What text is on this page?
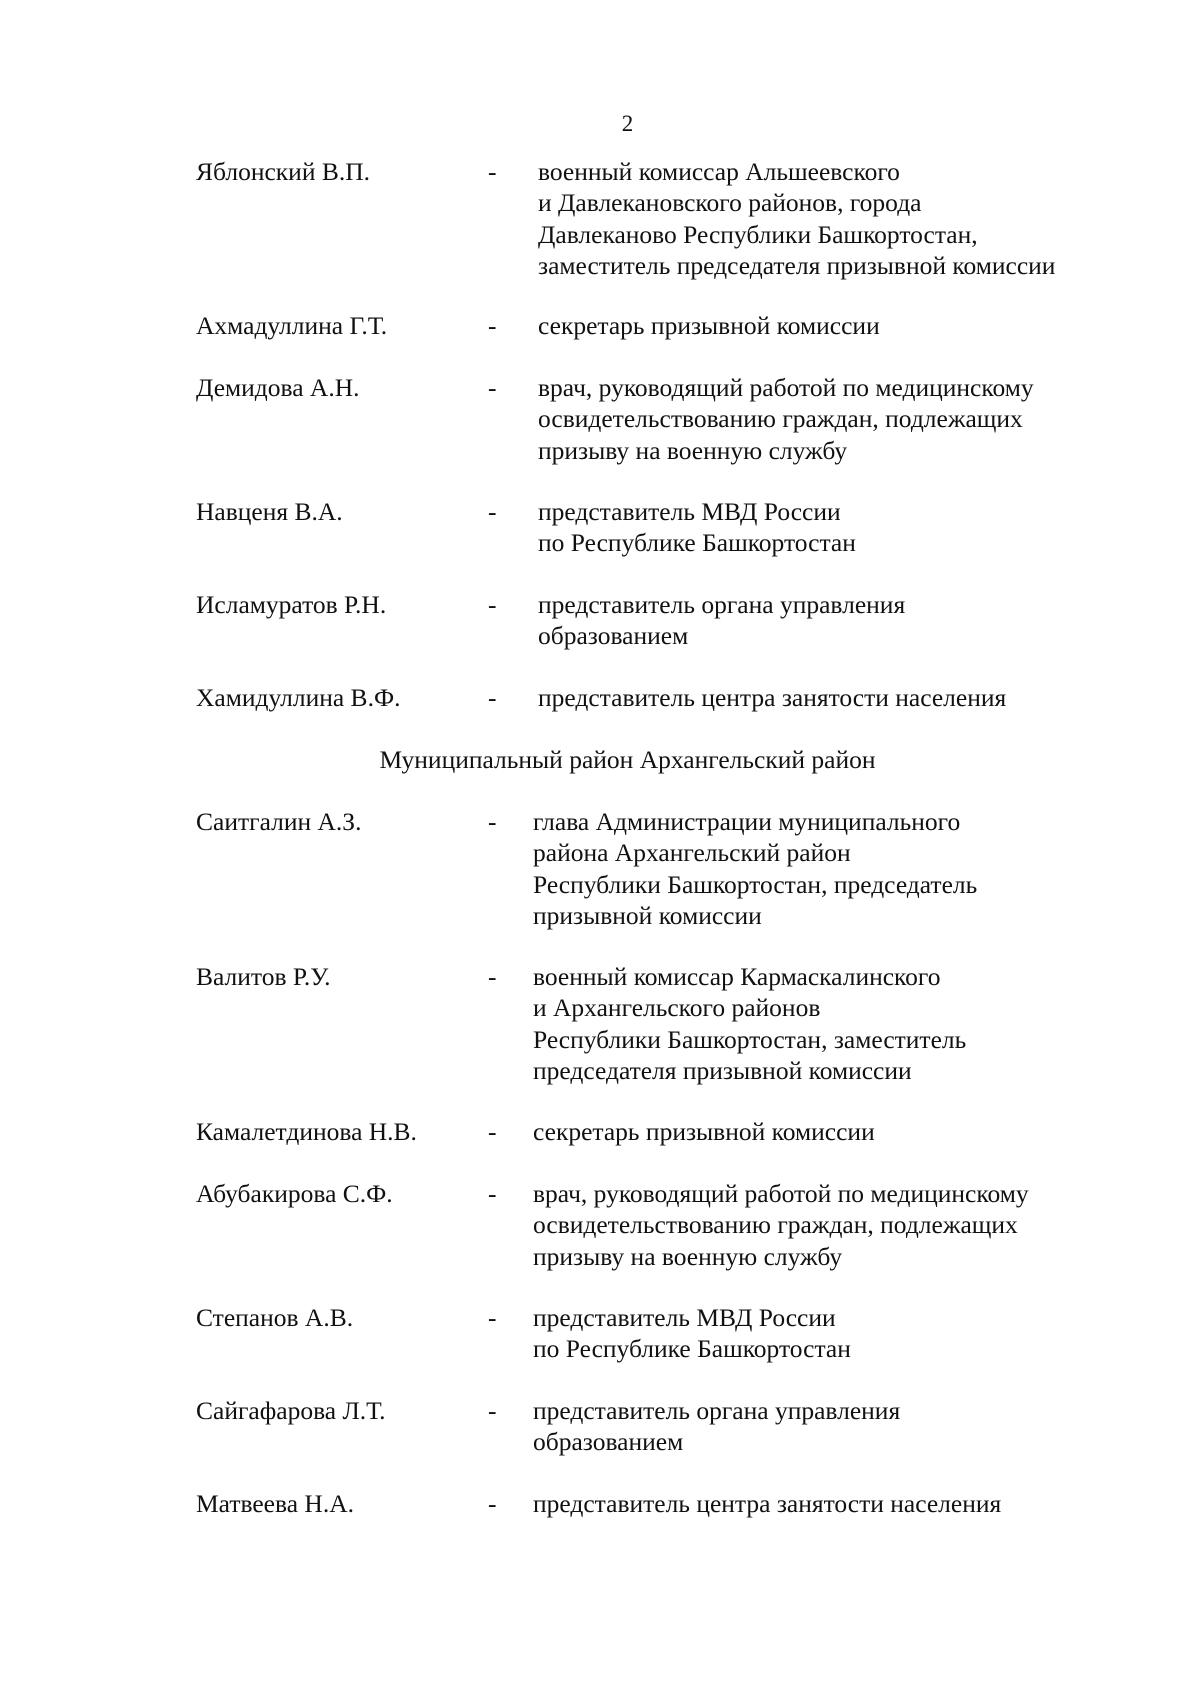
2
Яблонский В.П.	- военный комиссар Альшеевского
и Давлекановского районов, города
Давлеканово Республики Башкортостан,
заместитель председателя призывной комиссии
Ахмадуллина Г.Т.	- секретарь призывной комиссии
Демидова А.Н.	- врач, руководящий работой по медицинскому
освидетельствованию граждан, подлежащих
призыву на военную службу
Навценя В.А.	- представитель МВД России
по Республике Башкортостан
Исламуратов Р.Н.	- представитель органа управления
образованием
Хамидуллина В.Ф.	- представитель центра занятости населения
Муниципальный район Архангельский район
Саитгалин А.З.	- глава Администрации муниципального
района Архангельский район
Республики Башкортостан, председатель
призывной комиссии
Валитов Р.У.	- военный комиссар Кармаскалинского
и Архангельского районов
Республики Башкортостан, заместитель
председателя призывной комиссии
Камалетдинова Н.В.	- секретарь призывной комиссии
Абубакирова С.Ф.	- врач, руководящий работой по медицинскому
освидетельствованию граждан, подлежащих
призыву на военную службу
Степанов А.В.	- представитель МВД России
по Республике Башкортостан
Сайгафарова Л.Т.	- представитель органа управления
образованием
Матвеева Н.А.	- представитель центра занятости населения
